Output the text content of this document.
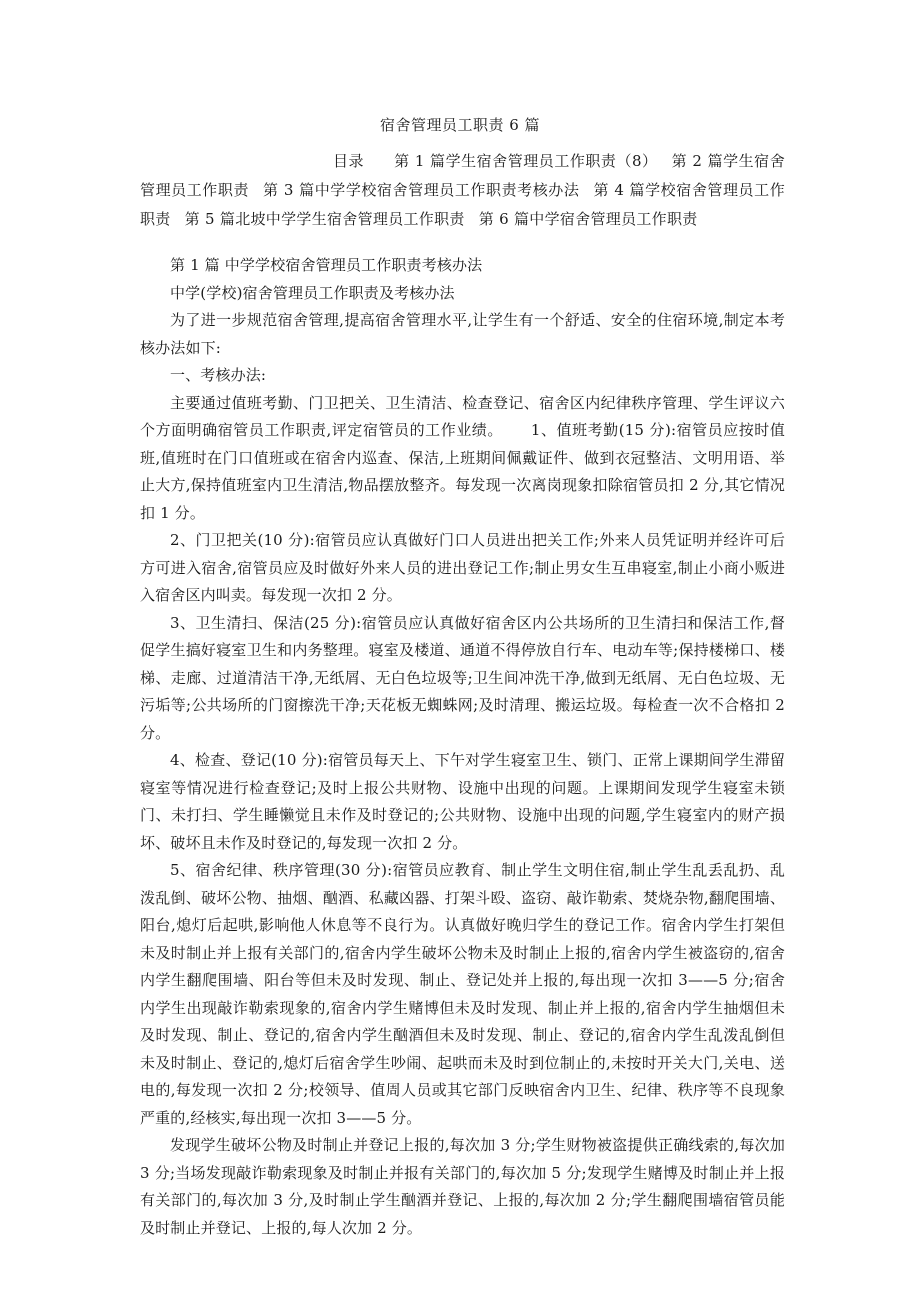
宿舍管理员工职责 6 篇
目录 第 1 篇学生宿舍管理员工作职责（8） 第 2 篇学生宿舍管理员工作职责 第 3 篇中学学校宿舍管理员工作职责考核办法 第 4 篇学校宿舍管理员工作职责 第 5 篇北坡中学学生宿舍管理员工作职责 第 6 篇中学宿舍管理员工作职责

第 1 篇 中学学校宿舍管理员工作职责考核办法

中学(学校)宿舍管理员工作职责及考核办法

为了进一步规范宿舍管理,提高宿舍管理水平,让学生有一个舒适、安全的住宿环境,制定本考核办法如下:

一、考核办法:

主要通过值班考勤、门卫把关、卫生清洁、检查登记、宿舍区内纪律秩序管理、学生评议六个方面明确宿管员工作职责,评定宿管员的工作业绩。 1、值班考勤(15 分):宿管员应按时值班,值班时在门口值班或在宿舍内巡查、保洁,上班期间佩戴证件、做到衣冠整洁、文明用语、举止大方,保持值班室内卫生清洁,物品摆放整齐。每发现一次离岗现象扣除宿管员扣 2 分,其它情况扣 1 分。

2、门卫把关(10 分):宿管员应认真做好门口人员进出把关工作;外来人员凭证明并经许可后方可进入宿舍,宿管员应及时做好外来人员的进出登记工作;制止男女生互串寝室,制止小商小贩进入宿舍区内叫卖。每发现一次扣 2 分。

3、卫生清扫、保洁(25 分):宿管员应认真做好宿舍区内公共场所的卫生清扫和保洁工作,督促学生搞好寝室卫生和内务整理。寝室及楼道、通道不得停放自行车、电动车等;保持楼梯口、楼梯、走廊、过道清洁干净,无纸屑、无白色垃圾等;卫生间冲洗干净,做到无纸屑、无白色垃圾、无污垢等;公共场所的门窗擦洗干净;天花板无蜘蛛网;及时清理、搬运垃圾。每检查一次不合格扣 2 分。

4、检查、登记(10 分):宿管员每天上、下午对学生寝室卫生、锁门、正常上课期间学生滞留寝室等情况进行检查登记;及时上报公共财物、设施中出现的问题。上课期间发现学生寝室未锁门、未打扫、学生睡懒觉且未作及时登记的;公共财物、设施中出现的问题,学生寝室内的财产损坏、破坏且未作及时登记的,每发现一次扣 2 分。

5、宿舍纪律、秩序管理(30 分):宿管员应教育、制止学生文明住宿,制止学生乱丢乱扔、乱泼乱倒、破坏公物、抽烟、酗酒、私藏凶器、打架斗殴、盗窃、敲诈勒索、焚烧杂物,翻爬围墙、阳台,熄灯后起哄,影响他人休息等不良行为。认真做好晚归学生的登记工作。宿舍内学生打架但未及时制止并上报有关部门的,宿舍内学生破坏公物未及时制止上报的,宿舍内学生被盗窃的,宿舍内学生翻爬围墙、阳台等但未及时发现、制止、登记处并上报的,每出现一次扣 3——5 分;宿舍内学生出现敲诈勒索现象的,宿舍内学生赌博但未及时发现、制止并上报的,宿舍内学生抽烟但未及时发现、制止、登记的,宿舍内学生酗酒但未及时发现、制止、登记的,宿舍内学生乱泼乱倒但未及时制止、登记的,熄灯后宿舍学生吵闹、起哄而未及时到位制止的,未按时开关大门,关电、送电的,每发现一次扣 2 分;校领导、值周人员或其它部门反映宿舍内卫生、纪律、秩序等不良现象严重的,经核实,每出现一次扣 3——5 分。

发现学生破坏公物及时制止并登记上报的,每次加 3 分;学生财物被盗提供正确线索的,每次加 3 分;当场发现敲诈勒索现象及时制止并报有关部门的,每次加 5 分;发现学生赌博及时制止并上报有关部门的,每次加 3 分,及时制止学生酗酒并登记、上报的,每次加 2 分;学生翻爬围墙宿管员能及时制止并登记、上报的,每人次加 2 分。
